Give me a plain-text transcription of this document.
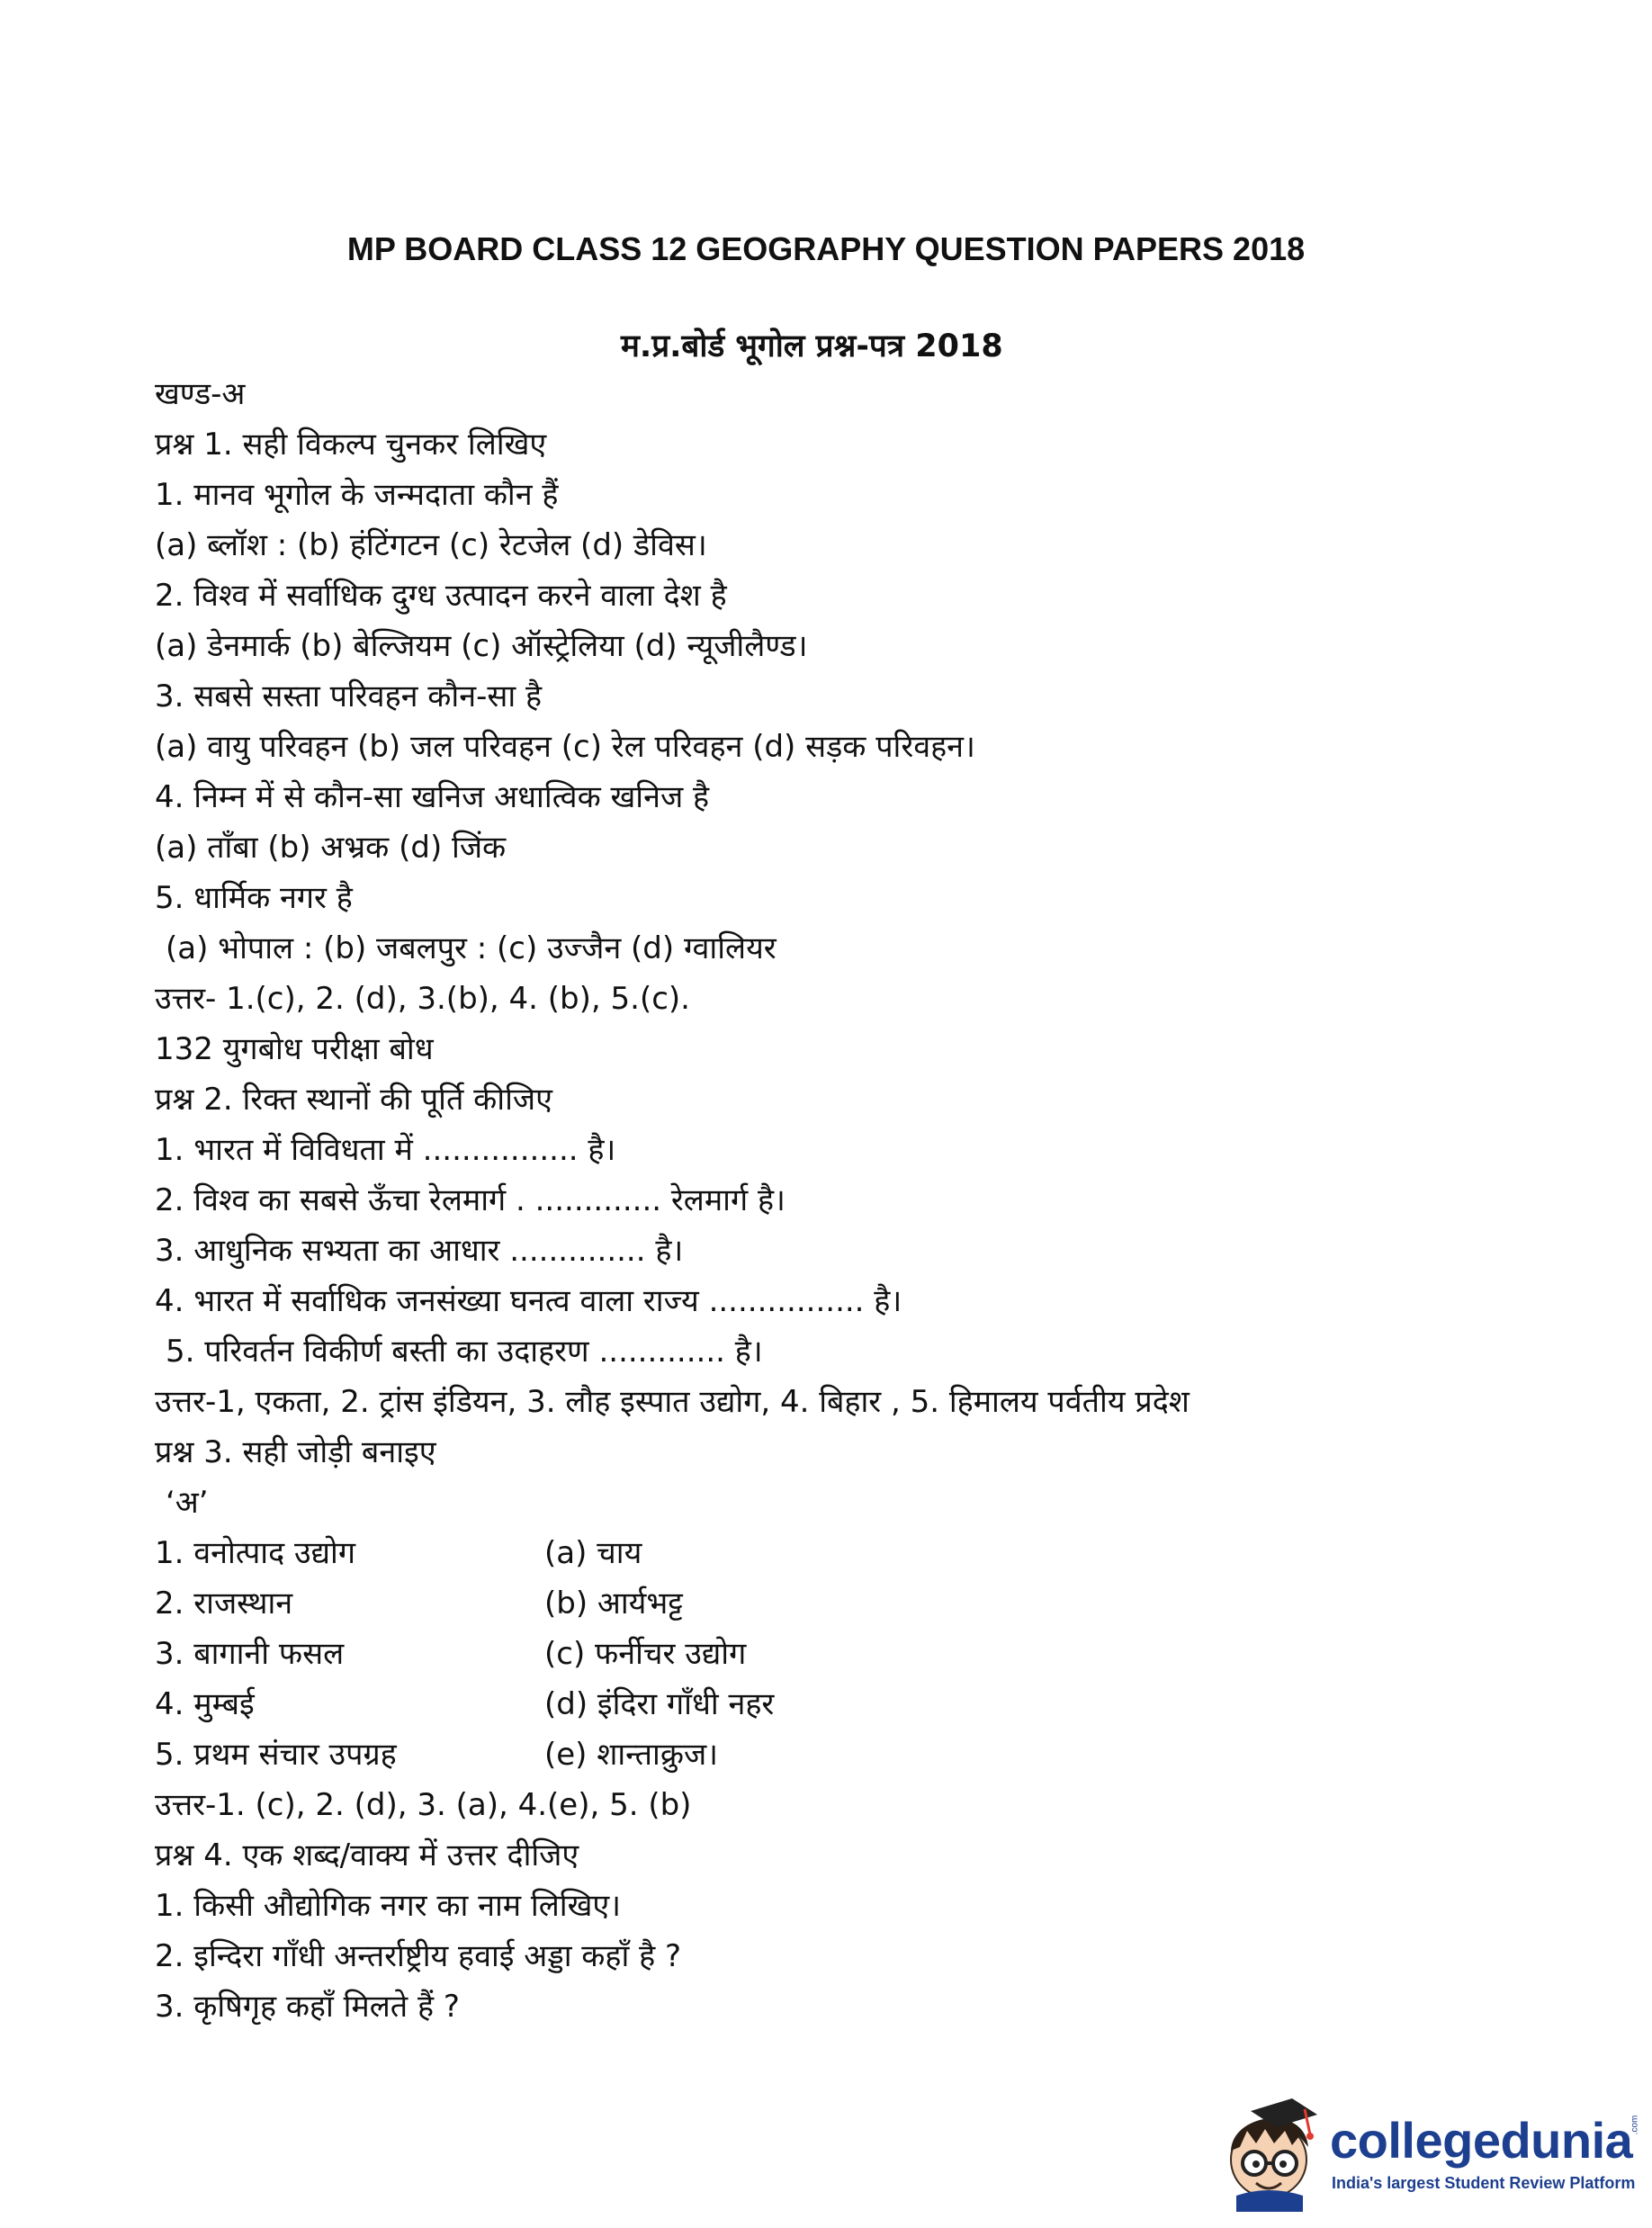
MP BOARD CLASS 12 GEOGRAPHY QUESTION PAPERS 2018
म.प्र.बोर्ड भूगोल प्रश्न-पत्र 2018
खण्ड-अ
प्रश्न 1. सही विकल्प चुनकर लिखिए
1. मानव भूगोल के जन्मदाता कौन हैं
(a) ब्लॉश : (b) हंटिंगटन (c) रेटजेल (d) डेविस।
2. विश्व में सर्वाधिक दुग्ध उत्पादन करने वाला देश है
(a) डेनमार्क (b) बेल्जियम (c) ऑस्ट्रेलिया (d) न्यूजीलैण्ड।
3. सबसे सस्ता परिवहन कौन-सा है
(a) वायु परिवहन (b) जल परिवहन (c) रेल परिवहन (d) सड़क परिवहन।
4. निम्न में से कौन-सा खनिज अधात्विक खनिज है
(a) ताँबा (b) अभ्रक (d) जिंक
5. धार्मिक नगर है
(a) भोपाल : (b) जबलपुर : (c) उज्जैन (d) ग्वालियर
उत्तर- 1.(c), 2. (d), 3.(b), 4. (b), 5.(c).
132 युगबोध परीक्षा बोध
प्रश्न 2. रिक्त स्थानों की पूर्ति कीजिए
1. भारत में विविधता में ................ है।
2. विश्व का सबसे ऊँचा रेलमार्ग . ............. रेलमार्ग है।
3. आधुनिक सभ्यता का आधार .............. है।
4. भारत में सर्वाधिक जनसंख्या घनत्व वाला राज्य ................ है।
5. परिवर्तन विकीर्ण बस्ती का उदाहरण ............. है।
उत्तर-1, एकता, 2. ट्रांस इंडियन, 3. लौह इस्पात उद्योग, 4. बिहार , 5. हिमालय पर्वतीय प्रदेश
प्रश्न 3. सही जोड़ी बनाइए
‘अ’
1. वनोत्पाद उद्योग	(a) चाय
2. राजस्थान	(b) आर्यभट्ट
3. बागानी फसल	(c) फर्नीचर उद्योग
4. मुम्बई	(d) इंदिरा गाँधी नहर
5. प्रथम संचार उपग्रह	(e) शान्ताक्रुज।
उत्तर-1. (c), 2. (d), 3. (a), 4.(e), 5. (b)
प्रश्न 4. एक शब्द/वाक्य में उत्तर दीजिए
1. किसी औद्योगिक नगर का नाम लिखिए।
2. इन्दिरा गाँधी अन्तर्राष्ट्रीय हवाई अड्डा कहाँ है ?
3. कृषिगृह कहाँ मिलते हैं ?
collegedunia
.com
India's largest Student Review Platform
